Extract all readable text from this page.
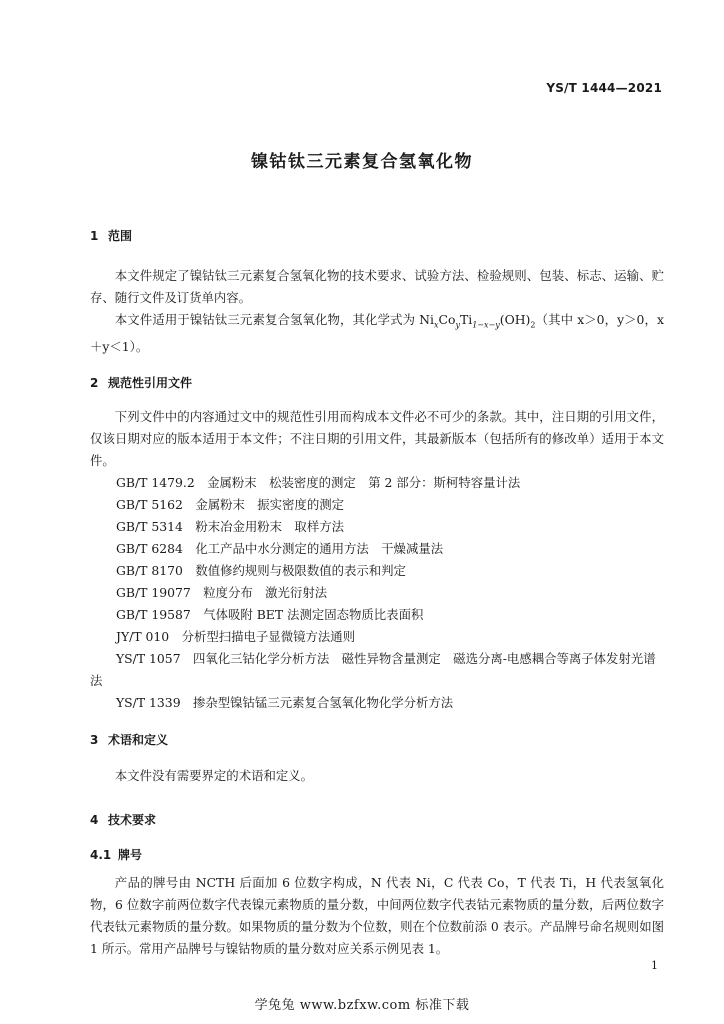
YS/T 1444—2021
镍钴钛三元素复合氢氧化物
1 范围
本文件规定了镍钴钛三元素复合氢氧化物的技术要求、试验方法、检验规则、包装、标志、运输、贮存、随行文件及订货单内容。
本文件适用于镍钴钛三元素复合氢氧化物，其化学式为 $Ni_xCo_yTi_{1-x-y}(OH)_2$（其中 x＞0，y＞0，x＋y＜1）。
2 规范性引用文件
下列文件中的内容通过文中的规范性引用而构成本文件必不可少的条款。其中，注日期的引用文件，仅该日期对应的版本适用于本文件；不注日期的引用文件，其最新版本（包括所有的修改单）适用于本文件。
GB/T 1479.2　 金属粉末　松装密度的测定　第 2 部分：斯柯特容量计法
GB/T 5162　 金属粉末　振实密度的测定
GB/T 5314　 粉末冶金用粉末　取样方法
GB/T 6284　 化工产品中水分测定的通用方法　干燥减量法
GB/T 8170　 数值修约规则与极限数值的表示和判定
GB/T 19077　 粒度分布　激光衍射法
GB/T 19587　 气体吸附 BET 法测定固态物质比表面积
JY/T 010　 分析型扫描电子显微镜方法通则
YS/T 1057　 四氧化三钴化学分析方法　磁性异物含量测定　磁选分离-电感耦合等离子体发射光谱法
YS/T 1339　 掺杂型镍钴锰三元素复合氢氧化物化学分析方法
3 术语和定义
本文件没有需要界定的术语和定义。
4 技术要求
4.1 牌号
产品的牌号由 NCTH 后面加 6 位数字构成，N 代表 Ni，C 代表 Co，T 代表 Ti，H 代表氢氧化物，6 位数字前两位数字代表镍元素物质的量分数，中间两位数字代表钴元素物质的量分数，后两位数字代表钛元素物质的量分数。如果物质的量分数为个位数，则在个位数前添 0 表示。产品牌号命名规则如图 1 所示。常用产品牌号与镍钴物质的量分数对应关系示例见表 1。
1
学兔兔 www.bzfxw.com 标准下载
